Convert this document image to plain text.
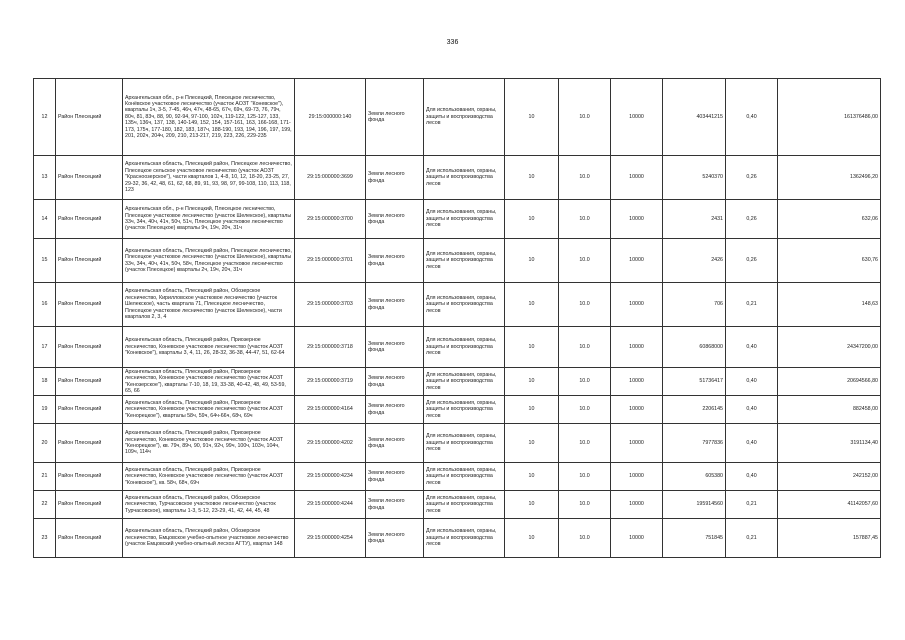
336
12	Район Плесецкий	Архангельская обл., р-н Плесецкий, Плесецкое лесничество, Конёвское участковое лесничество (участок АОЗТ "Коневское"), кварталы 1ч, 3-5, 7-45, 46ч, 47ч, 48-65, 67ч, 69ч, 69-73, 76, 79ч, 80ч, 81, 83ч, 88, 90, 92-94, 97-100, 102ч, 119-122, 125-127, 133, 135ч, 136ч, 137, 138, 140-149, 152, 154, 157-161, 163, 166-168, 171-173, 175ч, 177-180, 182, 183, 187ч, 188-190, 193, 194, 196, 197, 199, 201, 202ч, 204ч, 209, 210, 213-217, 219, 223, 226, 229-235	29:15:000000:140	Земли лесного фонда	Для использования, охраны, защиты и воспроизводства лесов	10	10.0	10000	403441215	0,40	161376486,00
13	Район Плесецкий	Архангельская область, Плесецкий район, Плесецкое лесничество, Плесецкое сельское участковое лесничество (участок АОЗТ "Красноозерское"), части кварталов 1, 4-8, 10, 12, 18-20, 23-25, 27, 29-32, 36, 42, 48, 61, 62, 68, 89, 91, 93, 98, 97, 99-108, 110, 113, 118, 123	29:15:000000:3699	Земли лесного фонда	Для использования, охраны, защиты и воспроизводства лесов	10	10.0	10000	5240370	0,26	1362496,20
14	Район Плесецкий	Архангельская обл., р-н Плесецкий, Плесецкое лесничество, Плесецкое участковое лесничество (участок Шелекское), кварталы 33ч, 34ч, 40ч, 41ч, 50ч, 51ч, Плесецкое участковое лесничество (участок Плесецкое) кварталы 9ч, 19ч, 20ч, 31ч	29:15:000000:3700	Земли лесного фонда	Для использования, охраны, защиты и воспроизводства лесов	10	10.0	10000	2431	0,26	632,06
15	Район Плесецкий	Архангельская область, Плесецкий район, Плесецкое лесничество, Плесецкое участковое лесничество (участок Шелекское), кварталы 33ч, 34ч, 40ч, 41ч, 50ч, 58ч, Плесецкое участковое лесничество (участок Плесецкое) кварталы 2ч, 19ч, 20ч, 31ч	29:15:000000:3701	Земли лесного фонда	Для использования, охраны, защиты и воспроизводства лесов	10	10.0	10000	2426	0,26	630,76
16	Район Плесецкий	Архангельская область, Плесецкий район, Обозерское лесничество, Кирилловское участковое лесничество (участок Шелекское), часть квартала 71, Плесецкое лесничество, Плесецкое участковое лесничество (участок Шелекское), части кварталов 2, 3, 4	29:15:000000:3703	Земли лесного фонда	Для использования, охраны, защиты и воспроизводства лесов	10	10.0	10000	706	0,21	148,63
17	Район Плесецкий	Архангельская область, Плесецкий район, Приозерное лесничество, Коневское участковое лесничество (участок АОЗТ "Коневское"), кварталы 3, 4, 11, 26, 28-32, 36-38, 44-47, 51, 62-64	29:15:000000:3718	Земли лесного фонда	Для использования, охраны, защиты и воспроизводства лесов	10	10.0	10000	60868000	0,40	24347200,00
18	Район Плесецкий	Архангельская область, Плесецкий район, Приозерное лесничество, Коневское участковое лесничество (участок АОЗТ "Кенозерское"), кварталы 7-10, 18, 19, 33-38, 40-42, 48, 49, 53-59, 65, 66	29:15:000000:3719	Земли лесного фонда	Для использования, охраны, защиты и воспроизводства лесов	10	10.0	10000	51736417	0,40	20694566,80
19	Район Плесецкий	Архангельская область, Плесецкий район, Приозерное лесничество, Коневское участковое лесничество (участок АОЗТ "Кенорецкое"), кварталы 58ч, 59ч, 64ч-66ч, 68ч, 69ч	29:15:000000:4164	Земли лесного фонда	Для использования, охраны, защиты и воспроизводства лесов	10	10.0	10000	2206145	0,40	882458,00
20	Район Плесецкий	Архангельская область, Плесецкий район, Приозерное лесничество, Коневское участковое лесничество (участок АОЗТ "Кенорецкое"), кв. 79ч, 89ч, 90, 91ч, 92ч, 99ч, 100ч, 103ч, 104ч, 109ч, 114ч	29:15:000000:4202	Земли лесного фонда	Для использования, охраны, защиты и воспроизводства лесов	10	10.0	10000	7977836	0,40	3191134,40
21	Район Плесецкий	Архангельская область, Плесецкий район, Приозерное лесничество, Коневское участковое лесничество (участок АОЗТ "Коневское"), кв. 58ч, 68ч, 69ч	29:15:000000:4234	Земли лесного фонда	Для использования, охраны, защиты и воспроизводства лесов	10	10.0	10000	605380	0,40	242152,00
22	Район Плесецкий	Архангельская область, Плесецкий район, Обозерское лесничество, Турчасовское участковое лесничество (участок Турчасовское), кварталы 1-3, 5-12, 23-29, 41, 42, 44, 45, 48	29:15:000000:4244	Земли лесного фонда	Для использования, охраны, защиты и воспроизводства лесов	10	10.0	10000	195914560	0,21	41142057,60
23	Район Плесецкий	Архангельская область, Плесецкий район, Обозерское лесничество, Емцовское учебно-опытное участковое лесничество (участок Емцовский учебно-опытный лесхоз АГТУ), квартал 148	29:15:000000:4254	Земли лесного фонда	Для использования, охраны, защиты и воспроизводства лесов	10	10.0	10000	751845	0,21	157887,45
